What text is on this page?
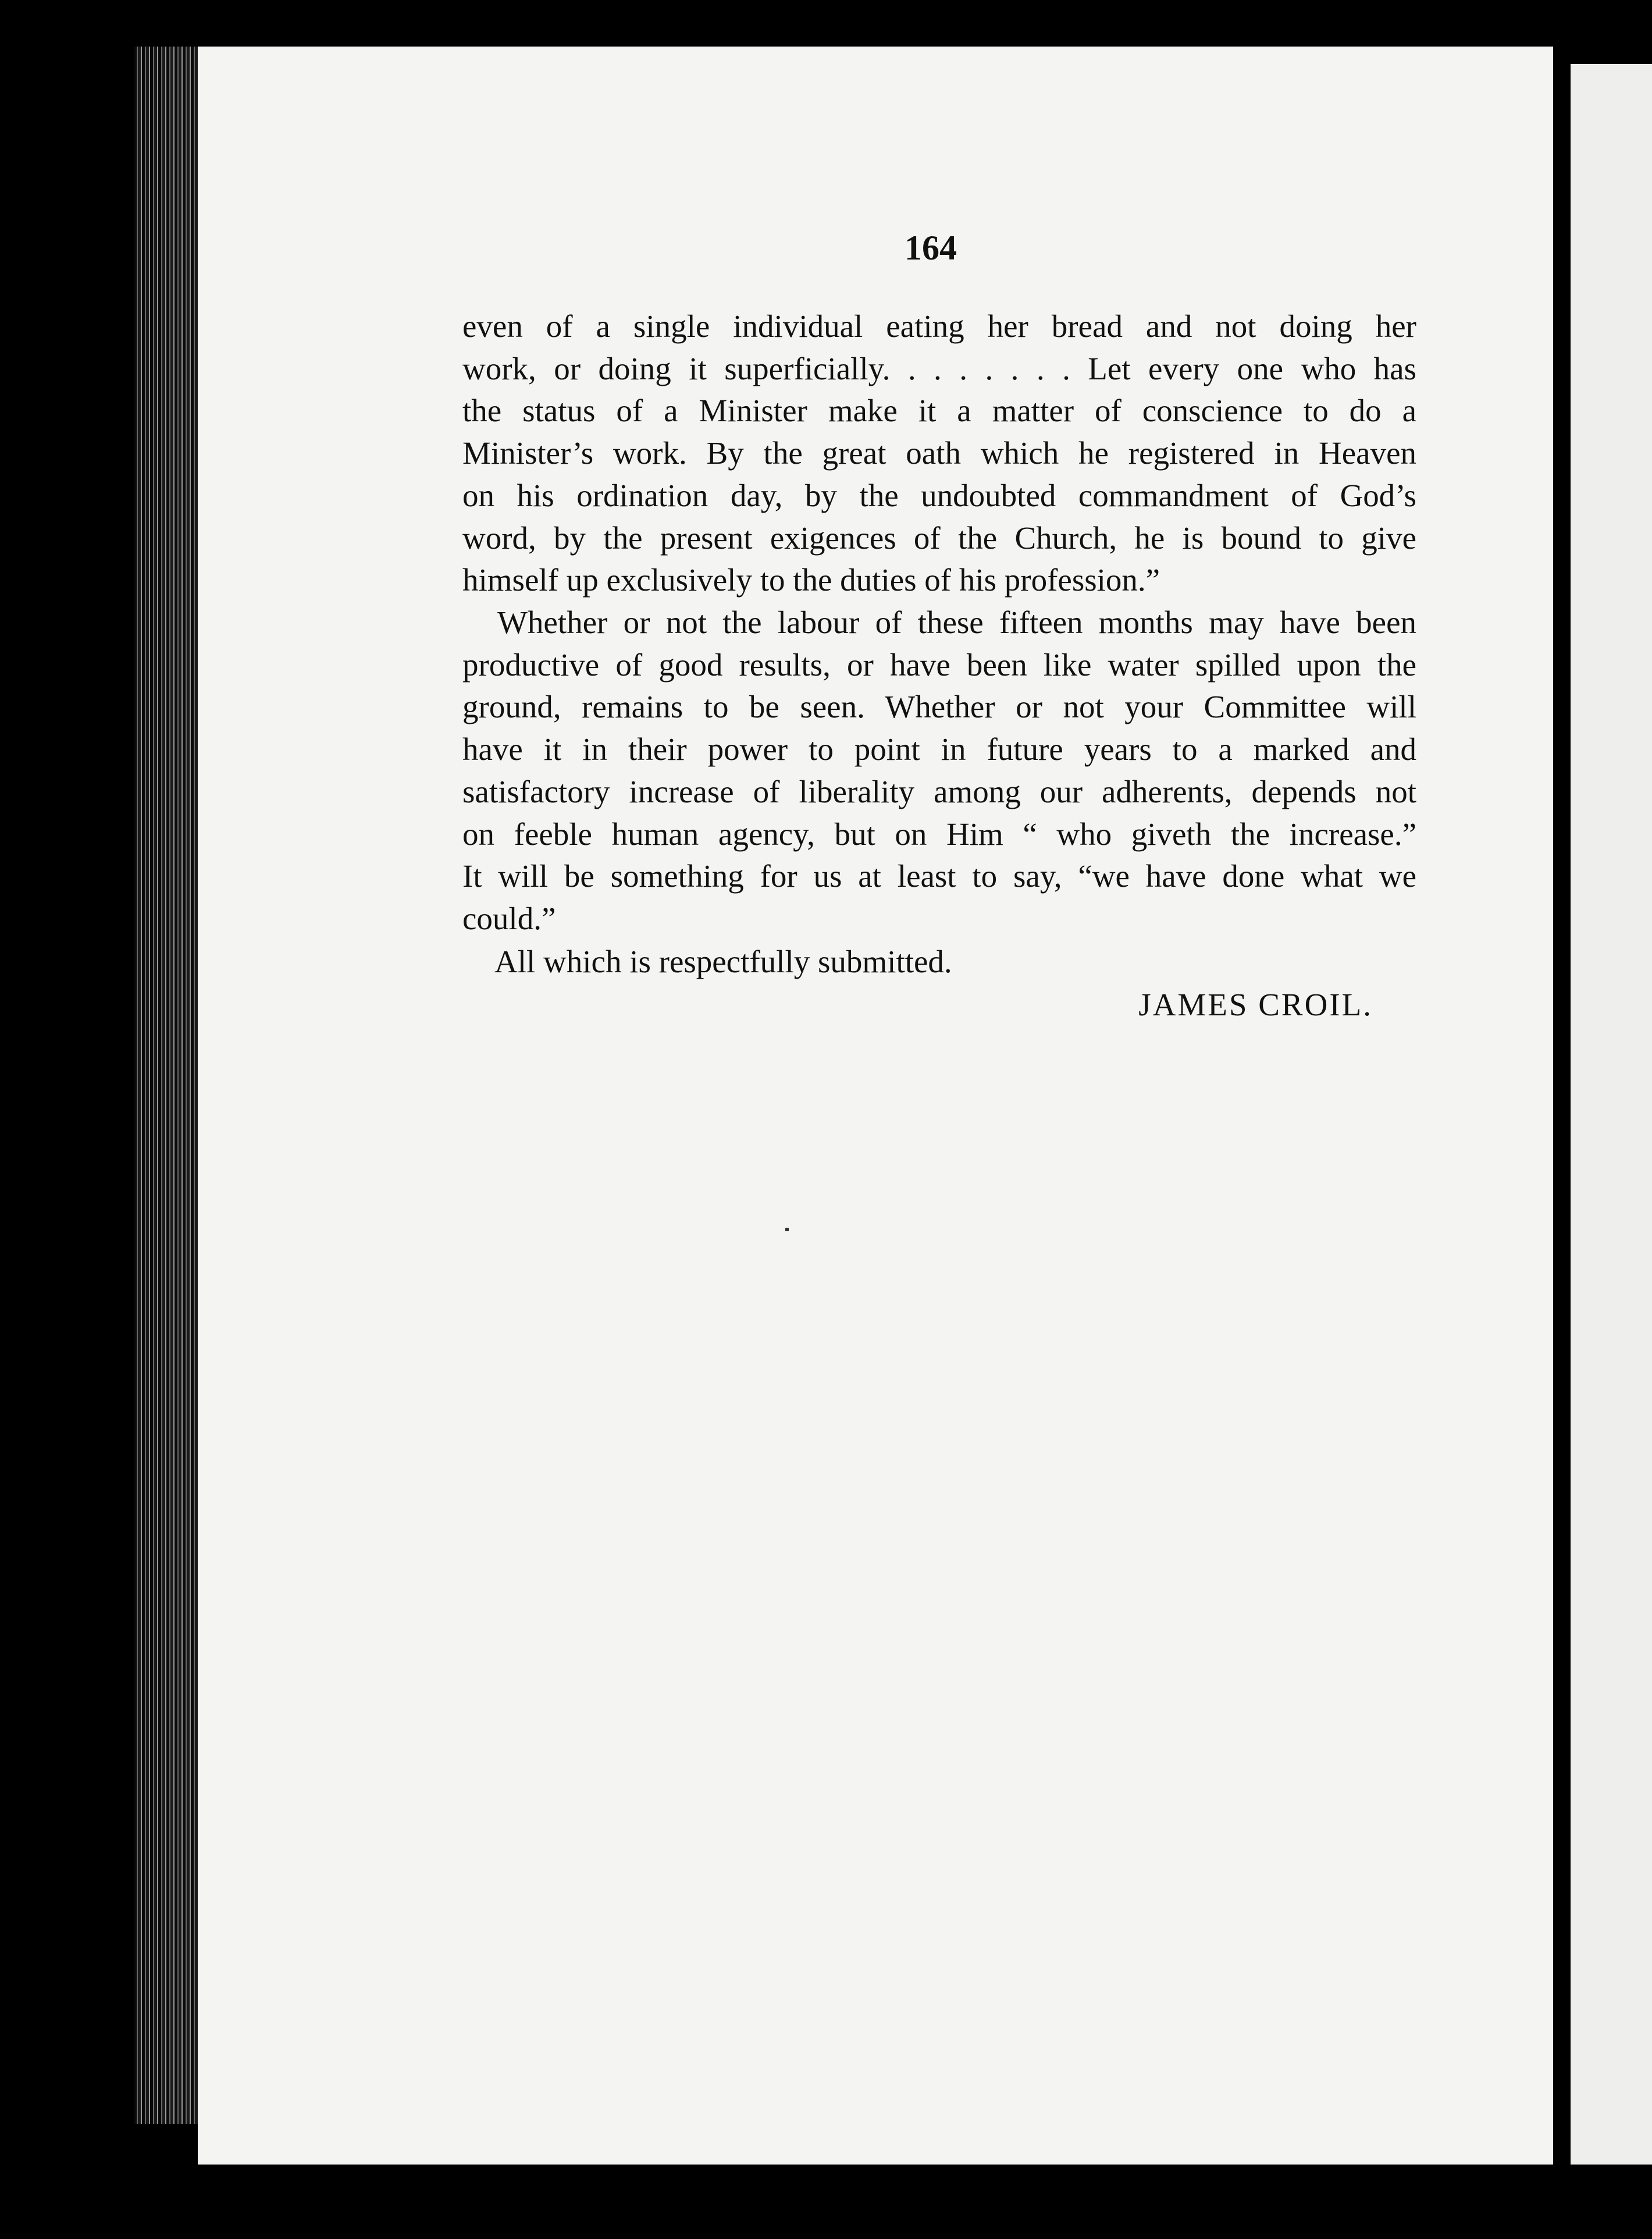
164
even of a single individual eating her bread and not doing her
work, or doing it superficially. . . . . . . . Let every one who has
the status of a Minister make it a matter of conscience to do a
Minister’s work. By the great oath which he registered in Heaven
on his ordination day, by the undoubted commandment of God’s
word, by the present exigences of the Church, he is bound to give
himself up exclusively to the duties of his profession.”
Whether or not the labour of these fifteen months may have been
productive of good results, or have been like water spilled upon the
ground, remains to be seen. Whether or not your Committee will
have it in their power to point in future years to a marked and
satisfactory increase of liberality among our adherents, depends not
on feeble human agency, but on Him “ who giveth the increase.”
It will be something for us at least to say, “we have done what we
could.”
All which is respectfully submitted.
JAMES CROIL.
